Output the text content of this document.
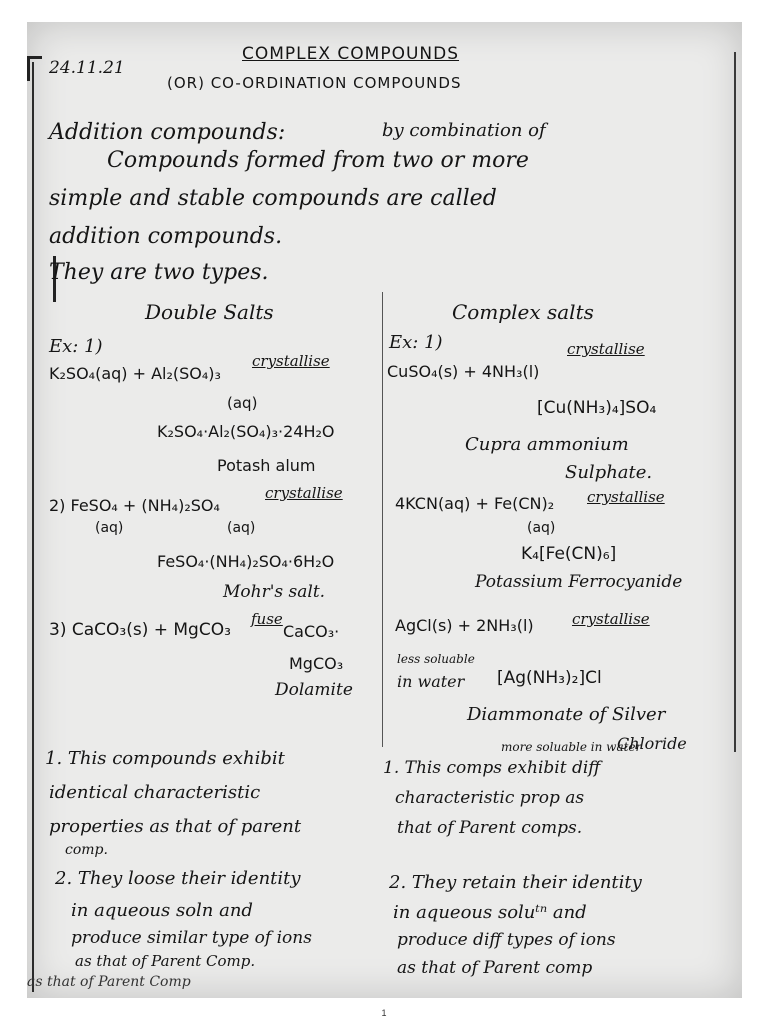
24.11.21
COMPLEX COMPOUNDS
(OR) CO-ORDINATION COMPOUNDS
Addition compounds:	by combination of
Compounds formed from two or more
simple and stable compounds are called
addition compounds.
They are two types.
Double Salts
Ex: 1)
K₂SO₄(aq) + Al₂(SO₄)₃
crystallise
(aq)
K₂SO₄·Al₂(SO₄)₃·24H₂O
Potash alum
2) FeSO₄ + (NH₄)₂SO₄
crystallise
(aq)	(aq)
FeSO₄·(NH₄)₂SO₄·6H₂O
Mohr's salt.
3) CaCO₃(s) + MgCO₃
fuse
CaCO₃·
MgCO₃
Dolamite
1. This compounds exhibit
identical characteristic
properties as that of parent
comp.
2. They loose their identity
in aqueous soln and
produce similar type of ions
as that of Parent Comp.
as that of Parent Comp
Complex salts
Ex: 1)
CuSO₄(s) + 4NH₃(l)
crystallise
[Cu(NH₃)₄]SO₄
Cupra ammonium
Sulphate.
4KCN(aq) + Fe(CN)₂ crystallise
(aq)
K₄[Fe(CN)₆]
Potassium Ferrocyanide
AgCl(s) + 2NH₃(l)	crystallise
less soluable
in water [Ag(NH₃)₂]Cl
Diammonate of Silver
Chloride
more soluable in water
1. This comps exhibit diff
characteristic prop as
that of Parent comps.
2. They retain their identity
in aqueous soluᵗⁿ and
produce diff types of ions
as that of Parent comp
1
